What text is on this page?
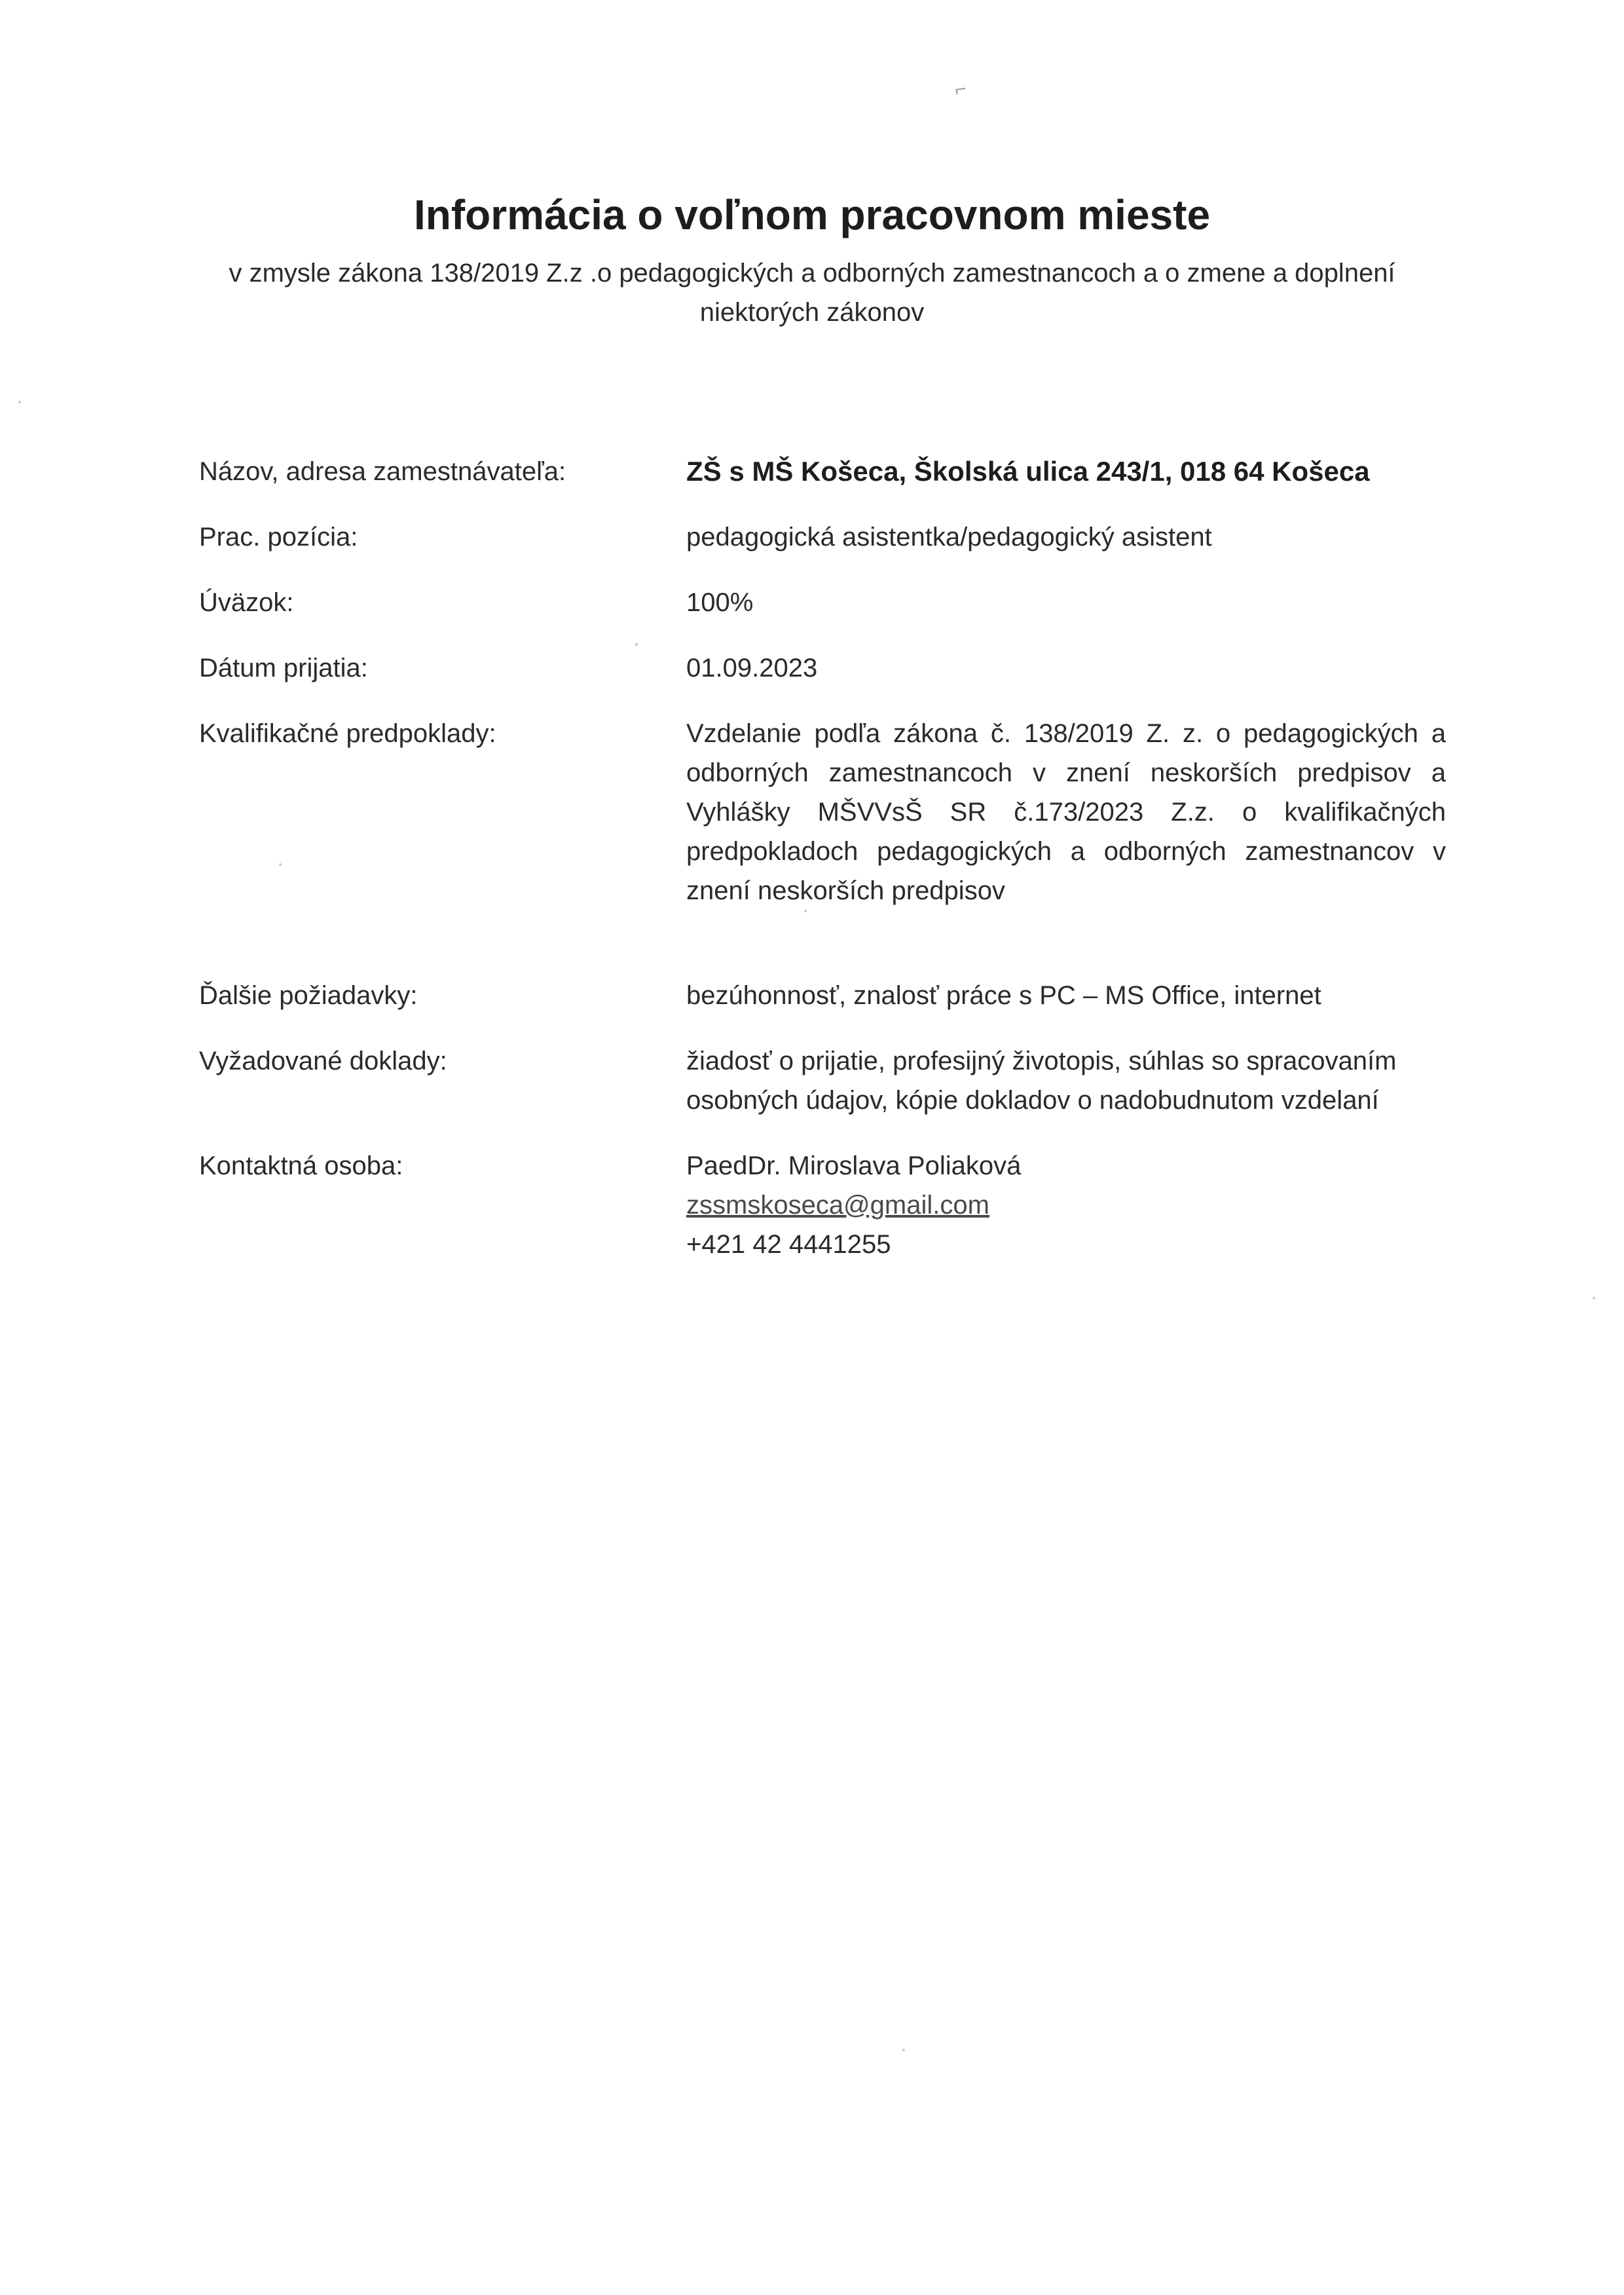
⌐
Informácia o voľnom pracovnom mieste
v zmysle zákona 138/2019 Z.z .o pedagogických a odborných zamestnancoch a o zmene a doplnení niektorých zákonov
Názov, adresa zamestnávateľa:	ZŠ s MŠ Košeca, Školská ulica 243/1, 018 64 Košeca
Prac. pozícia:	pedagogická asistentka/pedagogický asistent
Úväzok:	100%
Dátum prijatia:	01.09.2023
Kvalifikačné predpoklady:	Vzdelanie podľa zákona č. 138/2019 Z. z. o pedagogických a odborných zamestnancoch v znení neskorších predpisov a Vyhlášky MŠVVsŠ SR č.173/2023 Z.z. o kvalifikačných predpokladoch pedagogických a odborných zamestnancov v znení neskorších predpisov
Ďalšie požiadavky:	bezúhonnosť, znalosť práce s PC – MS Office, internet
Vyžadované doklady:	žiadosť o prijatie, profesijný životopis, súhlas so spracovaním osobných údajov, kópie dokladov o nadobudnutom vzdelaní
Kontaktná osoba:	PaedDr. Miroslava Poliaková
zssmskoseca@gmail.com
+421 42 4441255
